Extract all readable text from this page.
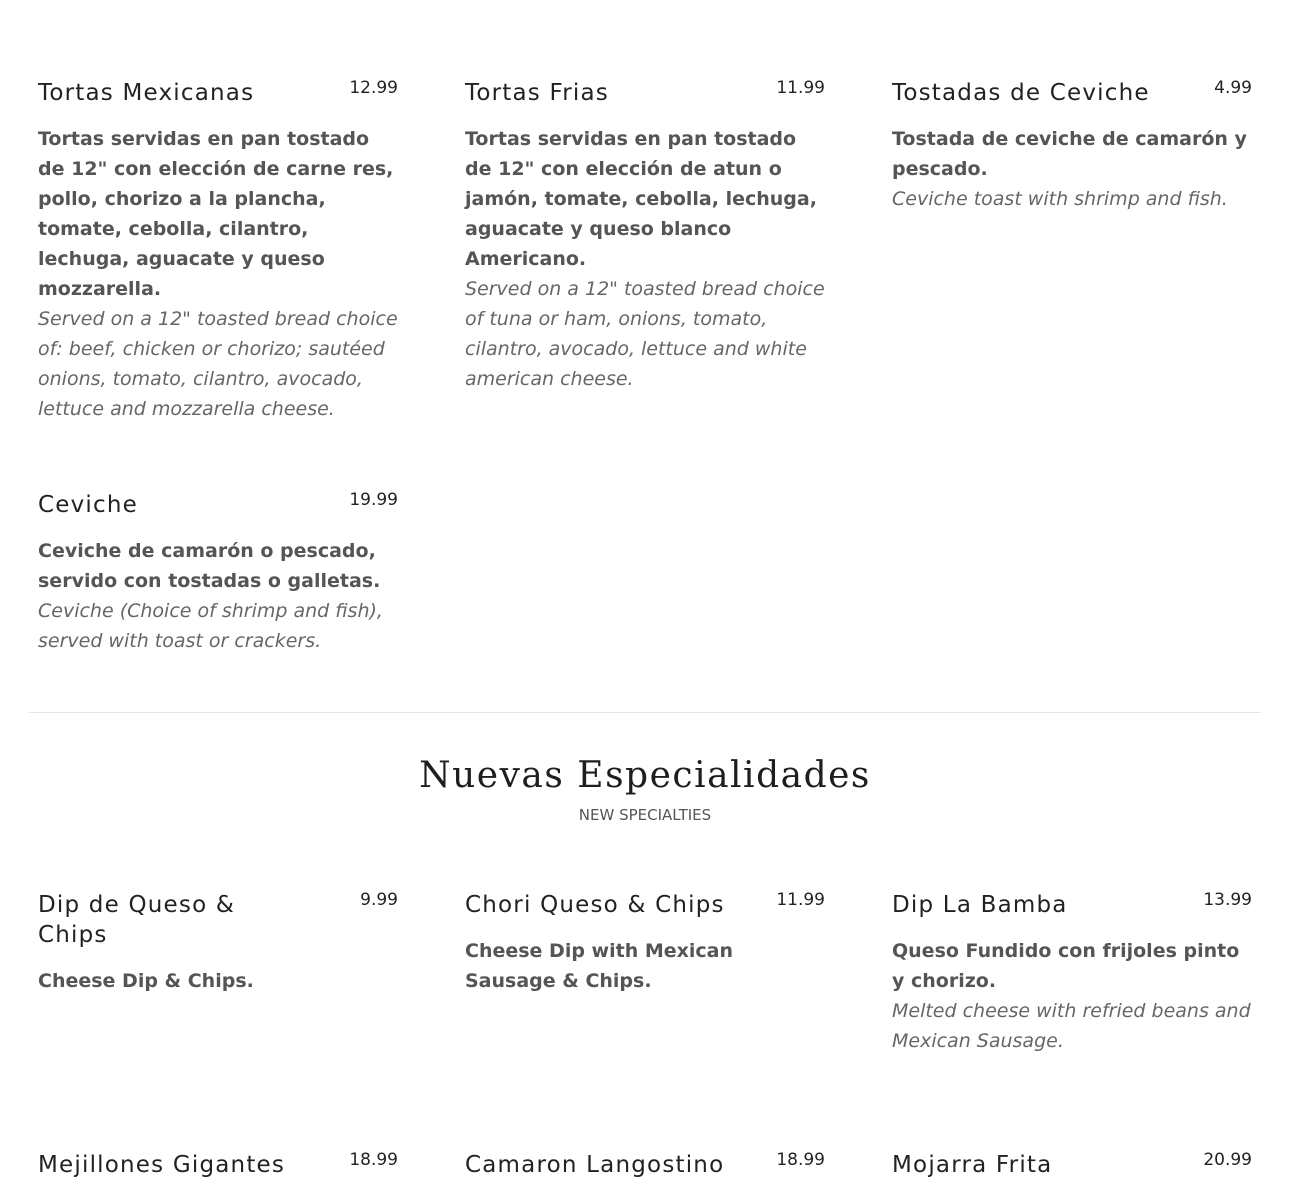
Tortas Mexicanas	12.99
Tortas servidas en pan tostado de 12" con elección de carne res, pollo, chorizo a la plancha, tomate, cebolla, cilantro, lechuga, aguacate y queso mozzarella.
Served on a 12" toasted bread choice of: beef, chicken or chorizo; sautéed onions, tomato, cilantro, avocado, lettuce and mozzarella cheese.
Tortas Frias	11.99
Tortas servidas en pan tostado de 12" con elección de atun o jamón, tomate, cebolla, lechuga, aguacate y queso blanco Americano.
Served on a 12" toasted bread choice of tuna or ham, onions, tomato, cilantro, avocado, lettuce and white american cheese.
Tostadas de Ceviche	4.99
Tostada de ceviche de camarón y pescado.
Ceviche toast with shrimp and fish.
Ceviche	19.99
Ceviche de camarón o pescado, servido con tostadas o galletas.
Ceviche (Choice of shrimp and fish), served with toast or crackers.
Nuevas Especialidades
NEW SPECIALTIES
Dip de Queso & Chips
9.99
Cheese Dip & Chips.
Chori Queso & Chips	11.99
Cheese Dip with Mexican Sausage & Chips.
Dip La Bamba	13.99
Queso Fundido con frijoles pinto y chorizo.
Melted cheese with refried beans and Mexican Sausage.
Mejillones Gigantes	18.99	Camaron Langostino	18.99	Mojarra Frita	20.99
